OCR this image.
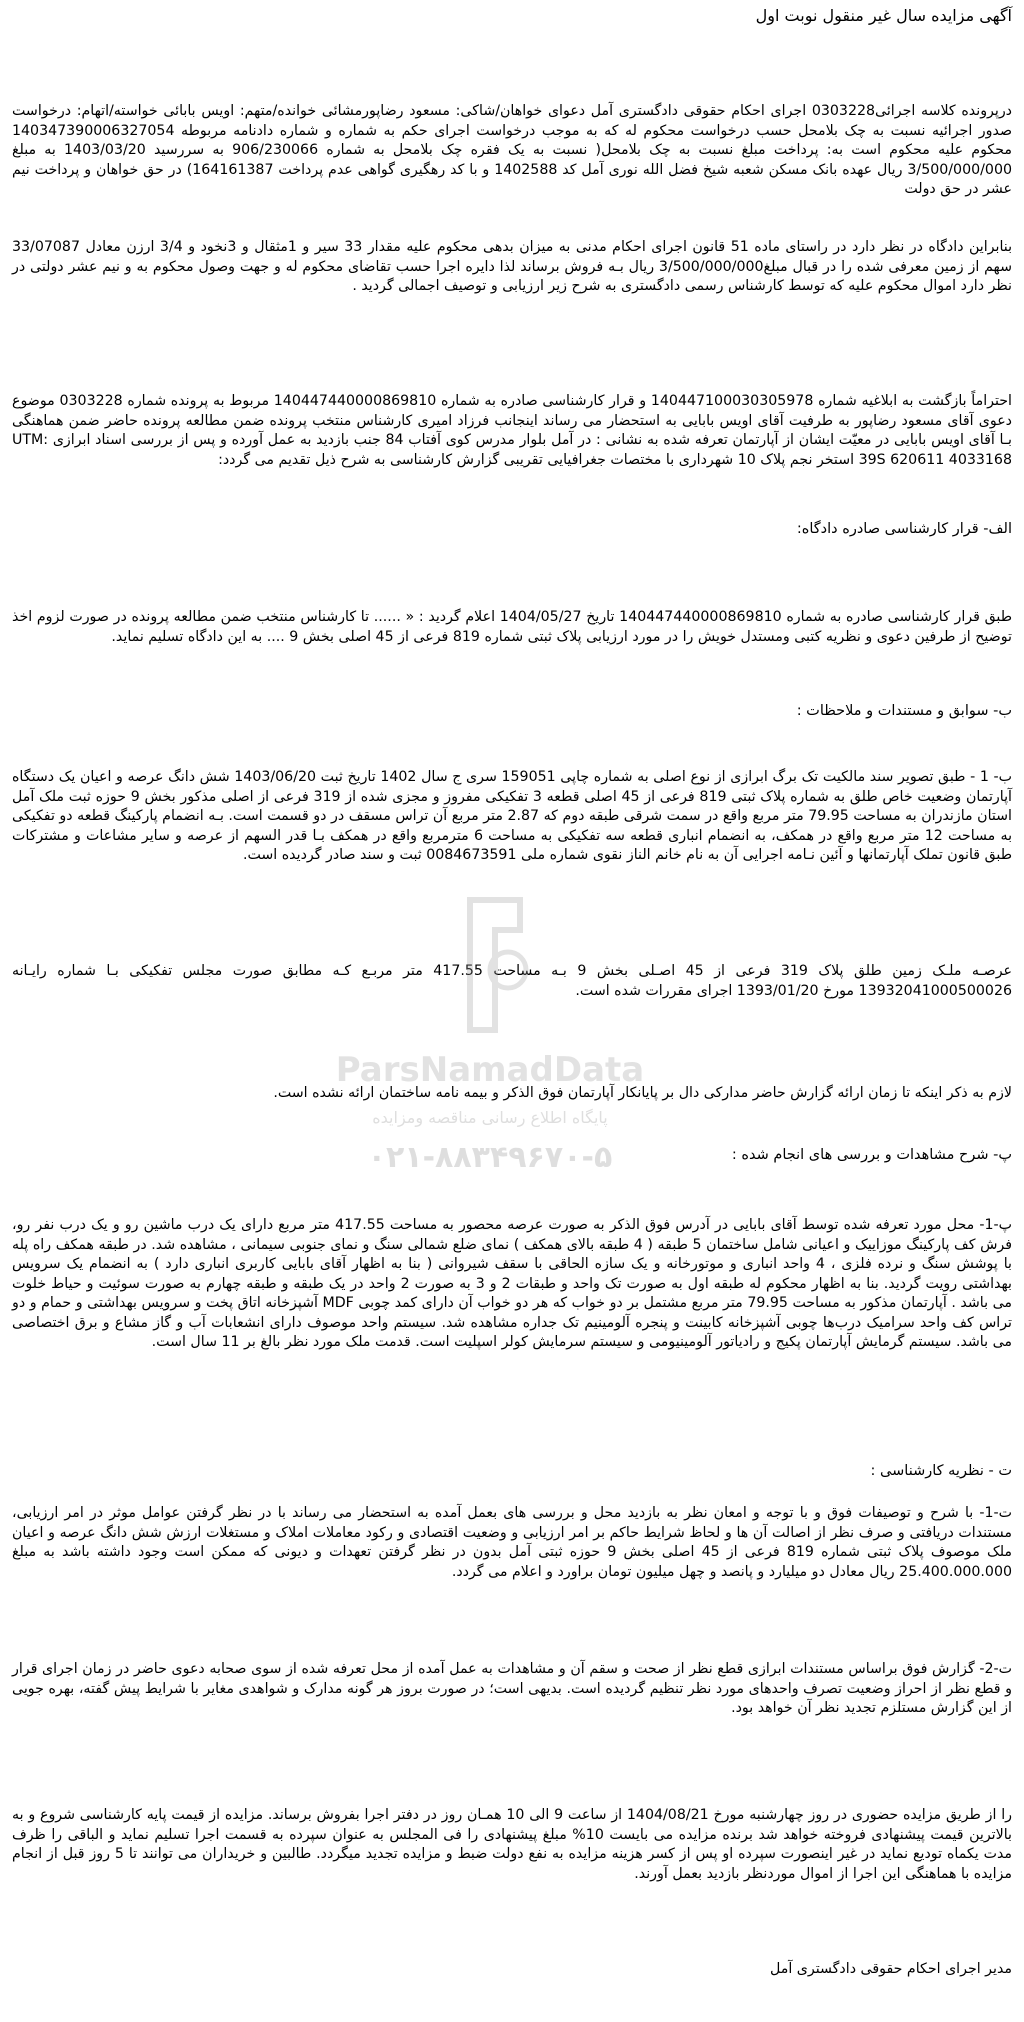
آگهی مزایده سال غیر منقول نوبت اول

درپرونده کلاسه اجرائی0303228 اجرای احکام حقوقی دادگستری آمل دعوای خواهان/شاکی: مسعود رضاپورمشائی خوانده/متهم: اویس بابائی خواسته/اتهام: درخواست صدور اجرائیه نسبت به چک بلامحل حسب درخواست محکوم له که به موجب درخواست اجرای حکم به شماره و شماره دادنامه مربوطه 140347390006327054 محکوم علیه محکوم است به: پرداخت مبلغ نسبت به چک بلامحل( نسبت به یک فقره چک بلامحل به شماره 906/230066 به سررسید 1403/03/20 به مبلغ 3/500/000/000 ریال عهده بانک مسکن شعبه شیخ فضل الله نوری آمل کد 1402588 و با کد رهگیری گواهی عدم پرداخت 164161387) در حق خواهان و پرداخت نیم عشر در حق دولت

بنابراین دادگاه در نظر دارد در راستای ماده 51 قانون اجرای احکام مدنی به میزان بدهی محکوم علیه مقدار 33 سیر و 1مثقال و 3نخود و 3/4 ارزن معادل 33/07087 سهم از زمین معرفی شده را در قبال مبلغ3/500/000/000 ریال بـه فروش برساند لذا دایره اجرا حسب تقاضای محکوم له و جهت وصول محکوم به و نیم عشر دولتی در نظر دارد اموال محکوم علیه که توسط کارشناس رسمی دادگستری به شرح زیر ارزیابی و توصیف اجمالی گردید .

احتراماً بازگشت به ابلاغیه شماره 140447100030305978 و قرار کارشناسی صادره به شماره 140447440000869810 مربوط به پرونده شماره 0303228 موضوع دعوی آقای مسعود رضاپور به طرفیت آقای اویس بابایی به استحضار می رساند اینجانب فرزاد امیری کارشناس منتخب پرونده ضمن مطالعه پرونده حاضر ضمن هماهنگی بـا آقای اویس بابایی در معیّت ایشان از آپارتمان تعرفه شده به نشانی : در آمل بلوار مدرس کوی آفتاب 84 جنب بازدید به عمل آورده و پس از بررسی اسناد ابرازی :UTM 39S 620611 4033168 استخر نجم پلاک 10 شهرداری با مختصات جغرافیایی تقریبی گزارش کارشناسی به شرح ذیل تقدیم می گردد:

الف- قرار کارشناسی صادره دادگاه:

طبق قرار کارشناسی صادره به شماره 140447440000869810 تاریخ 1404/05/27 اعلام گردید : « ...... تا کارشناس منتخب ضمن مطالعه پرونده در صورت لزوم اخذ توضیح از طرفین دعوی و نظریه کتبی ومستدل خویش را در مورد ارزیابی پلاک ثبتی شماره 819 فرعی از 45 اصلی بخش 9 .... به این دادگاه تسلیم نماید.

ب- سوابق و مستندات و ملاحظات :

ب- 1 - طبق تصویر سند مالکیت تک برگ ابرازی از نوع اصلی به شماره چاپی 159051 سری ج سال 1402 تاریخ ثبت 1403/06/20 شش دانگ عرصه و اعیان یک دستگاه آپارتمان وضعیت خاص طلق به شماره پلاک ثبتی 819 فرعی از 45 اصلی قطعه 3 تفکیکی مفروز و مجزی شده از 319 فرعی از اصلی مذکور بخش 9 حوزه ثبت ملک آمل استان مازندران به مساحت 79.95 متر مربع واقع در سمت شرقی طبقه دوم که 2.87 متر مربع آن تراس مسقف در دو قسمت است. بـه انضمام پارکینگ قطعه دو تفکیکی به مساحت 12 متر مربع واقع در همکف، به انضمام انباری قطعه سه تفکیکی به مساحت 6 مترمربع واقع در همکف بـا قدر السهم از عرصه و سایر مشاعات و مشترکات طبق قانون تملک آپارتمانها و آئین نـامه اجرایی آن به نام خانم الناز نقوی شماره ملی 0084673591 ثبت و سند صادر گردیده است.

عرصـه ملـک زمین طلق پلاک 319 فرعی از 45 اصـلی بخش 9 بـه مساحت 417.55 متر مربـع کـه مطابق صورت مجلس تفکیکی بـا شماره رایـانه 13932041000500026 مورخ 1393/01/20 اجرای مقررات شده است.

لازم به ذکر اینکه تا زمان ارائه گزارش حاضر مدارکی دال بر پایانکار آپارتمان فوق الذکر و بیمه نامه ساختمان ارائه نشده است.

پ- شرح مشاهدات و بررسی های انجام شده :

پ-1- محل مورد تعرفه شده توسط آقای بابایی در آدرس فوق الذکر به صورت عرصه محصور به مساحت 417.55 متر مربع دارای یک درب ماشین رو و یک درب نفر رو، فرش کف پارکینگ موزاییک و اعیانی شامل ساختمان 5 طبقه ( 4 طبقه بالای همکف ) نمای ضلع شمالی سنگ و نمای جنوبی سیمانی ، مشاهده شد. در طبقه همکف راه پله با پوشش سنگ و نرده فلزی ، 4 واحد انباری و موتورخانه و یک سازه الحاقی با سقف شیروانی ( بنا به اظهار آقای بابایی کاربری انباری دارد ) به انضمام یک سرویس بهداشتی رویت گردید. بنا به اظهار محکوم له طبقه اول به صورت تک واحد و طبقات 2 و 3 به صورت 2 واحد در یک طبقه و طبقه چهارم به صورت سوئیت و حیاط خلوت می باشد . آپارتمان مذکور به مساحت 79.95 متر مربع مشتمل بر دو خواب که هر دو خواب آن دارای کمد چوبی MDF آشپزخانه اتاق پخت و سرویس بهداشتی و حمام و دو تراس کف واحد سرامیک درب‌ها چوبی آشپزخانه کابینت و پنجره آلومینیم تک جداره مشاهده شد. سیستم واحد موصوف دارای انشعابات آب و گاز مشاع و برق اختصاصی می باشد. سیستم گرمایش آپارتمان پکیج و رادیاتور آلومینیومی و سیستم سرمایش کولر اسپلیت است. قدمت ملک مورد نظر بالغ بر 11 سال است.

ت - نظریه کارشناسی :

ت-1- با شرح و توصیفات فوق و با توجه و امعان نظر به بازدید محل و بررسی های بعمل آمده به استحضار می رساند با در نظر گرفتن عوامل موثر در امر ارزیابی، مستندات دریافتی و صرف نظر از اصالت آن ها و لحاظ شرایط حاکم بر امر ارزیابی و وضعیت اقتصادی و رکود معاملات املاک و مستغلات ارزش شش دانگ عرصه و اعیان ملک موصوف پلاک ثبتی شماره 819 فرعی از 45 اصلی بخش 9 حوزه ثبتی آمل بدون در نظر گرفتن تعهدات و دیونی که ممکن است وجود داشته باشد به مبلغ 25.400.000.000 ریال معادل دو میلیارد و پانصد و چهل میلیون تومان براورد و اعلام می گردد.

ت-2- گزارش فوق براساس مستندات ابرازی قطع نظر از صحت و سقم آن و مشاهدات به عمل آمده از محل تعرفه شده از سوی صحابه دعوی حاضر در زمان اجرای قرار و قطع نظر از احراز وضعیت تصرف واحدهای مورد نظر تنظیم گردیده است. بدیهی است؛ در صورت بروز هر گونه مدارک و شواهدی مغایر با شرایط پیش گفته، بهره جویی از این گزارش مستلزم تجدید نظر آن خواهد بود.

را از طریق مزایده حضوری در روز چهارشنبه مورخ 1404/08/21 از ساعت 9 الی 10 همـان روز در دفتر اجرا بفروش برساند. مزایده از قیمت پایه کارشناسی شروع و به بالاترین قیمت پیشنهادی فروخته خواهد شد برنده مزایده می بایست 10% مبلغ پیشنهادی را فی المجلس به عنوان سپرده به قسمت اجرا تسلیم نماید و الباقی را ظرف مدت یکماه تودیع نماید در غیر اینصورت سپرده او پس از کسر هزینه مزایده به نفع دولت ضبط و مزایده تجدید میگردد. طالبین و خریداران می توانند تا 5 روز قبل از انجام مزایده با هماهنگی این اجرا از اموال موردنظر بازدید بعمل آورند.

مدیر اجرای احکام حقوقی دادگستری آمل

ParsNamadData
پایگاه اطلاع رسانی مناقصه ومزایده
۰۲۱-۸۸۳۴۹۶۷۰-۵
